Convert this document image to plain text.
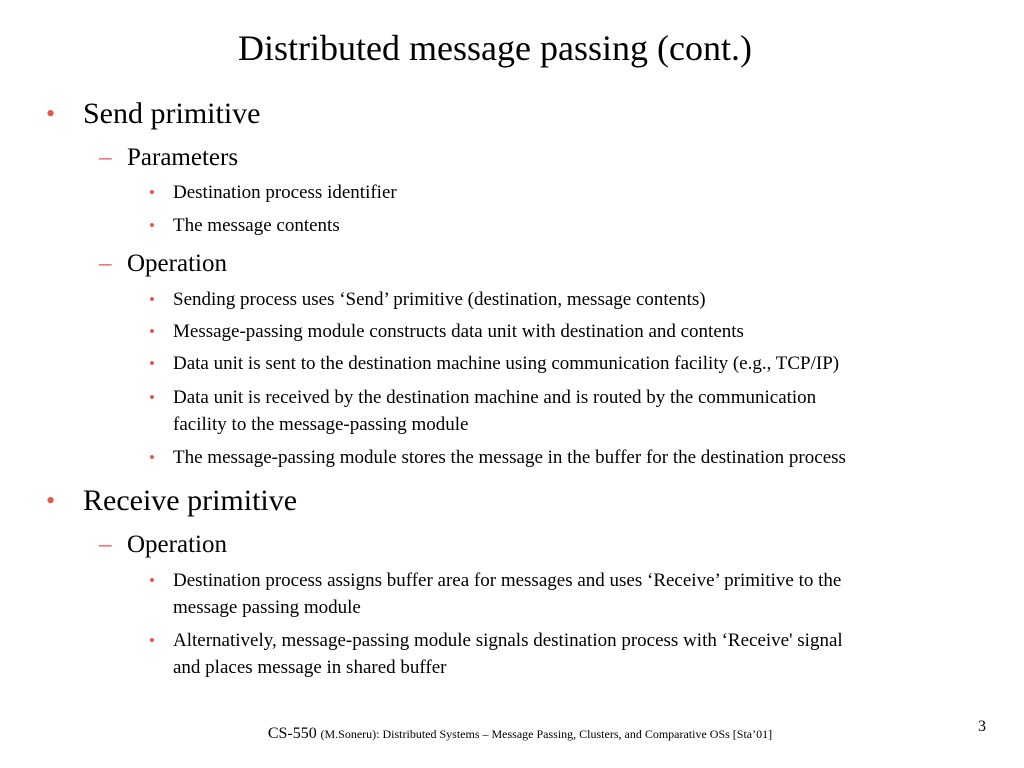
Distributed message passing (cont.)
• Send primitive
– Parameters
• Destination process identifier
• The message contents
– Operation
• Sending process uses ‘Send’ primitive (destination, message contents)
• Message-passing module constructs data unit with destination and contents
• Data unit is sent to the destination machine using communication facility (e.g., TCP/IP)
• Data unit is received by the destination machine and is routed by the communication
facility to the message-passing module
• The message-passing module stores the message in the buffer for the destination process
• Receive primitive
– Operation
• Destination process assigns buffer area for messages and uses ‘Receive’ primitive to the
message passing module
• Alternatively, message-passing module signals destination process with ‘Receive' signal
and places message in shared buffer
CS-550 (M.Soneru): Distributed Systems – Message Passing, Clusters, and Comparative OSs [Sta’01]	3
